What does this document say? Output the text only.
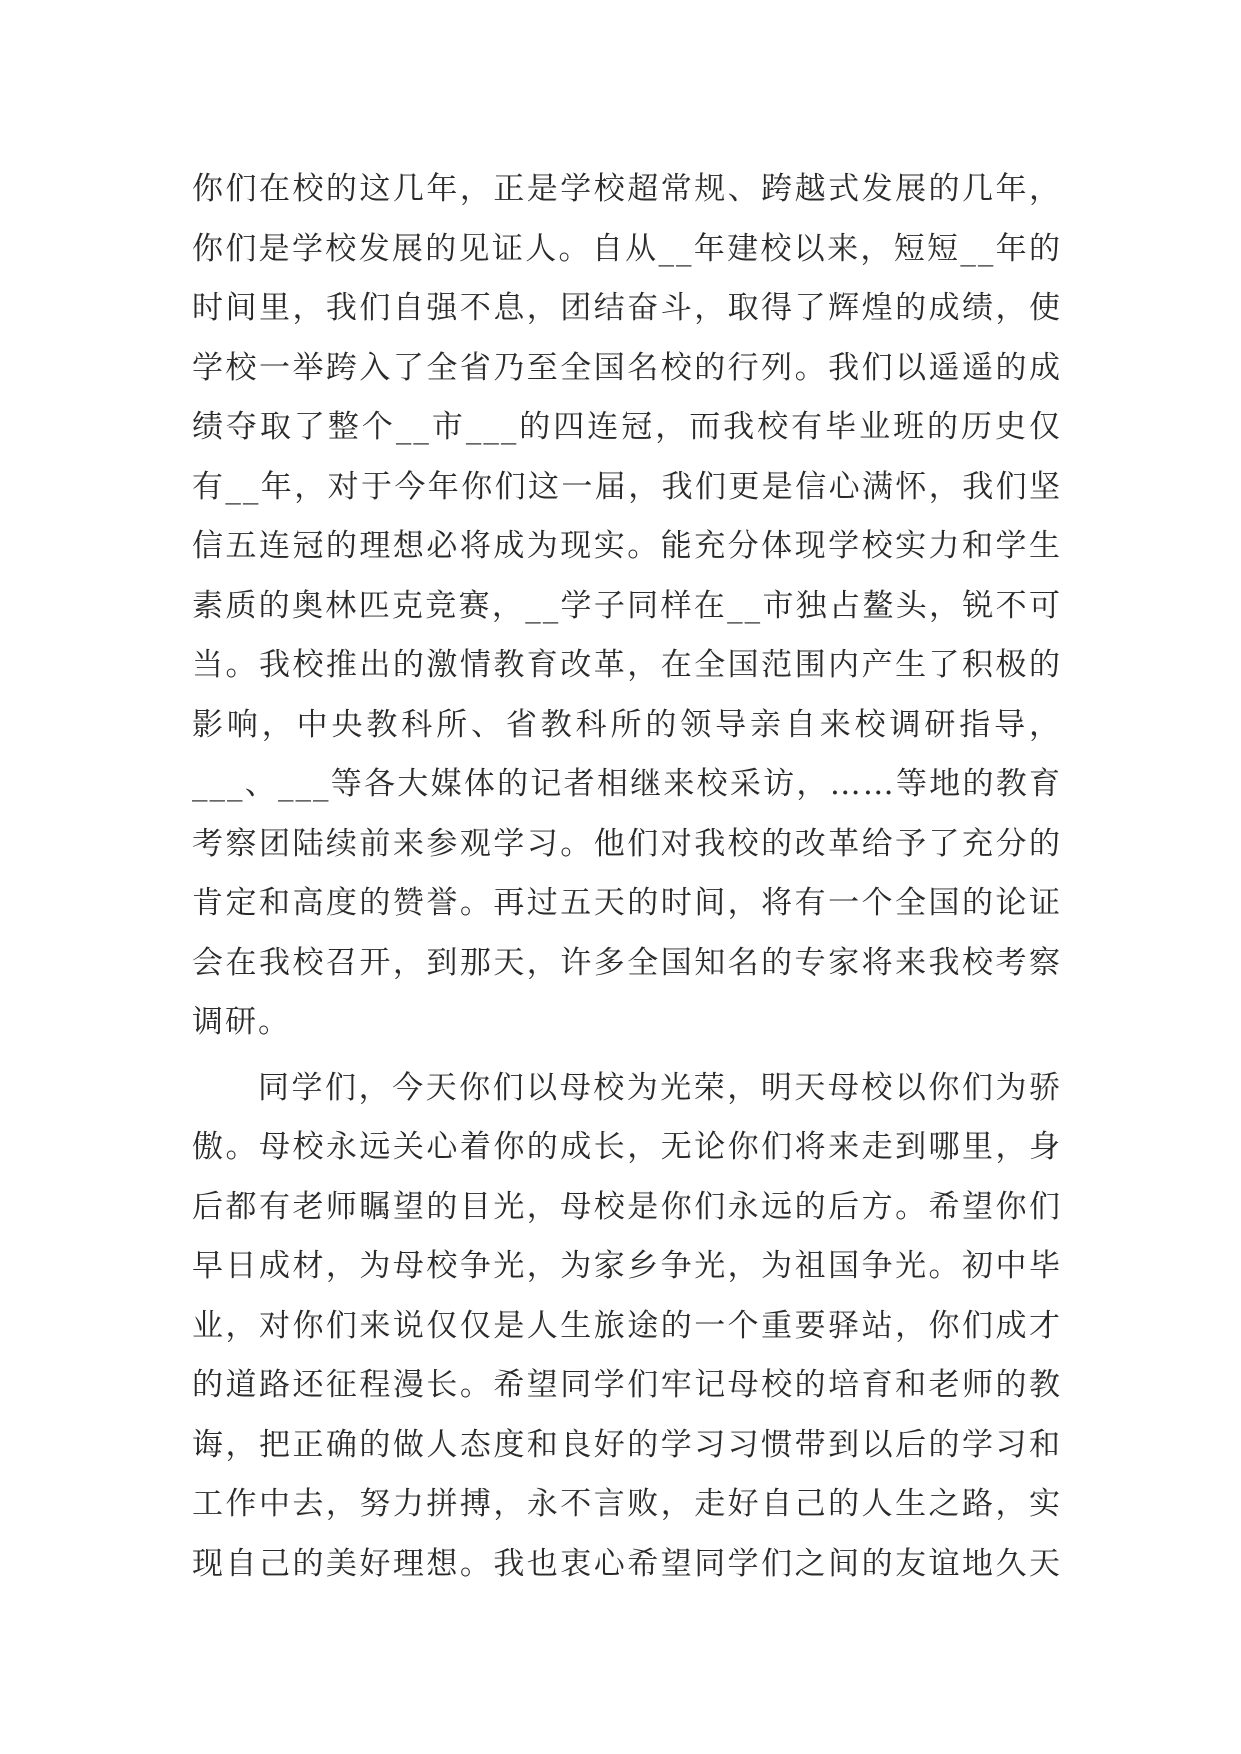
你们在校的这几年，正是学校超常规、跨越式发展的几年，
你们是学校发展的见证人。自从__年建校以来，短短__年的
时间里，我们自强不息，团结奋斗，取得了辉煌的成绩，使
学校一举跨入了全省乃至全国名校的行列。我们以遥遥的成
绩夺取了整个__市___的四连冠，而我校有毕业班的历史仅
有__年，对于今年你们这一届，我们更是信心满怀，我们坚
信五连冠的理想必将成为现实。能充分体现学校实力和学生
素质的奥林匹克竞赛，__学子同样在__市独占鳌头，锐不可
当。我校推出的激情教育改革，在全国范围内产生了积极的
影响，中央教科所、省教科所的领导亲自来校调研指导，
___、___等各大媒体的记者相继来校采访，……等地的教育
考察团陆续前来参观学习。他们对我校的改革给予了充分的
肯定和高度的赞誉。再过五天的时间，将有一个全国的论证
会在我校召开，到那天，许多全国知名的专家将来我校考察
调研。
同学们，今天你们以母校为光荣，明天母校以你们为骄
傲。母校永远关心着你的成长，无论你们将来走到哪里，身
后都有老师瞩望的目光，母校是你们永远的后方。希望你们
早日成材，为母校争光，为家乡争光，为祖国争光。初中毕
业，对你们来说仅仅是人生旅途的一个重要驿站，你们成才
的道路还征程漫长。希望同学们牢记母校的培育和老师的教
诲，把正确的做人态度和良好的学习习惯带到以后的学习和
工作中去，努力拼搏，永不言败，走好自己的人生之路，实
现自己的美好理想。我也衷心希望同学们之间的友谊地久天
